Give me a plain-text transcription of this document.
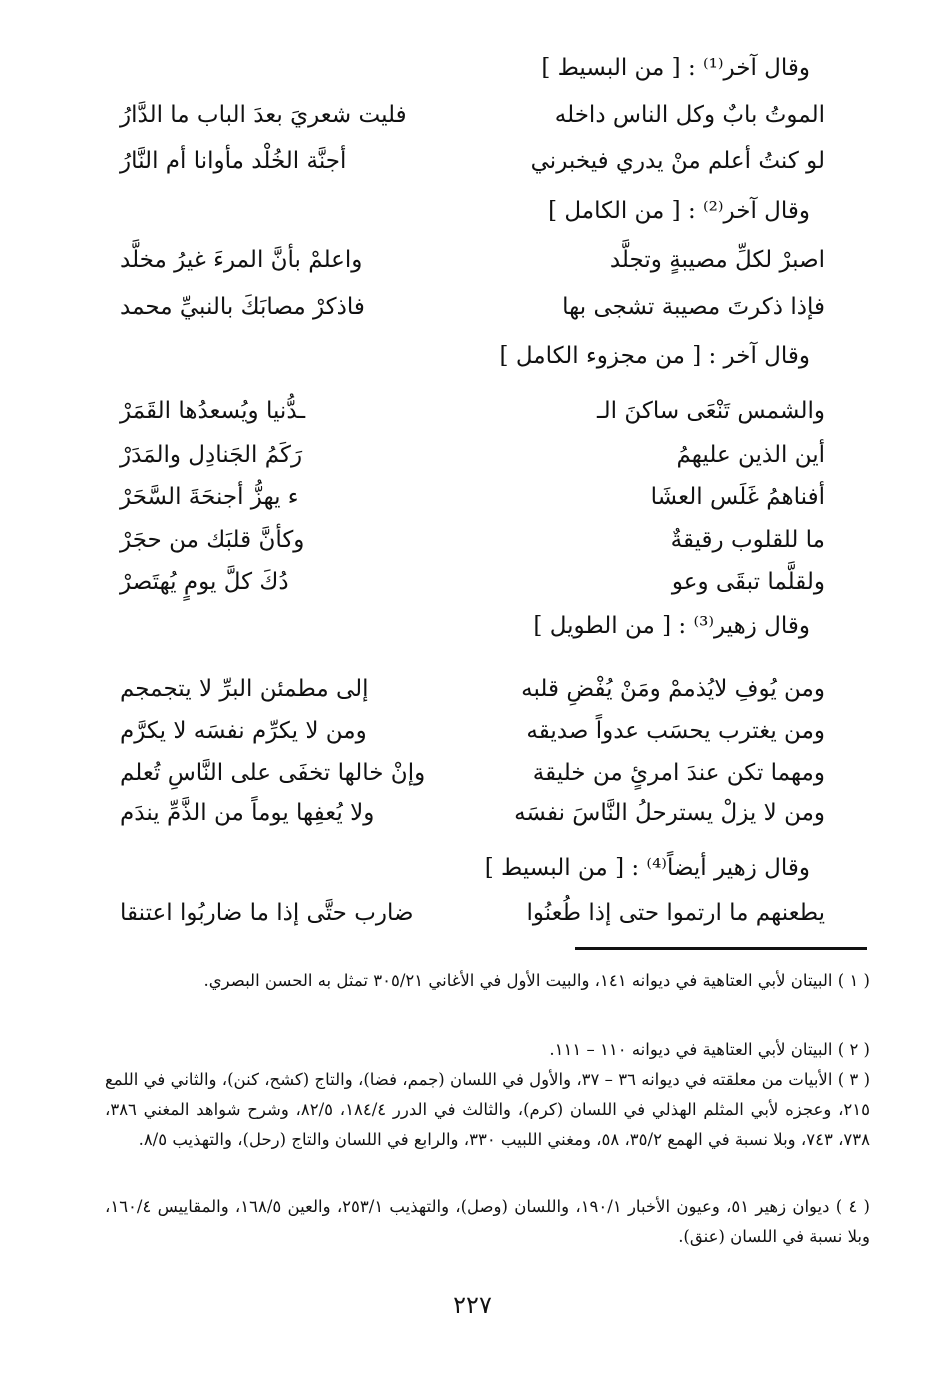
وقال آخر⁽¹⁾ : [ من البسيط ]
الموتُ بابٌ وكل الناس داخله
فليت شعريَ بعدَ الباب ما الدَّارُ
لو كنتُ أعلم منْ يدري فيخبرني
أجنَّة الخُلْد مأوانا أم النَّارُ
وقال آخر⁽²⁾ : [ من الكامل ]
اصبرْ لكلِّ مصيبةٍ وتجلَّد
واعلمْ بأنَّ المرءَ غيرُ مخلَّد
فإذا ذكرتَ مصيبة تشجى بها
فاذكرْ مصابَكَ بالنبيِّ محمد
وقال آخر : [ من مجزوء الكامل ]
والشمس تَنْعَى ساكنَ الـ
ـدُّنيا ويُسعدُها القَمَرْ
أين الذين عليهمُ
رَكَمُ الجَنادِل والمَدَرْ
أفناهمُ غَلَس العشَا
ء يهزُّ أجنحَةَ السَّحَرْ
ما للقلوب رقيقةٌ
وكأنَّ قلبَك من حجَرْ
ولقلَّما تبقَى وعو
دُكَ كلَّ يومٍ يُهتَصرْ
وقال زهير⁽³⁾ : [ من الطويل ]
ومن يُوفِ لايُذممْ ومَنْ يُفْضِ قلبه
إلى مطمئن البرِّ لا يتجمجم
ومن يغترب يحسَب عدواً صديقه
ومن لا يكرِّم نفسَه لا يكرَّم
ومهما تكن عندَ امرئٍ من خليقة
وإنْ خالها تخفَى على النَّاسِ تُعلم
ومن لا يزلْ يسترحلُ النَّاسَ نفسَه
ولا يُعفِها يوماً من الذَّمِّ يندَم
وقال زهير أيضاً⁽⁴⁾ : [ من البسيط ]
يطعنهم ما ارتموا حتى إذا طُعنُوا
ضارب حتَّى إذا ما ضاربُوا اعتنقا
( ١ ) البيتان لأبي العتاهية في ديوانه ١٤١، والبيت الأول في الأغاني ٣٠٥/٢١ تمثل به الحسن البصري.
( ٢ ) البيتان لأبي العتاهية في ديوانه ١١٠ – ١١١.
( ٣ ) الأبيات من معلقته في ديوانه ٣٦ – ٣٧، والأول في اللسان (جمم، فضا)، والتاج (كشح، كنن)، والثاني في اللمع ٢١٥، وعجزه لأبي المثلم الهذلي في اللسان (كرم)، والثالث في الدرر ١٨٤/٤، ٨٢/٥، وشرح شواهد المغني ٣٨٦، ٧٣٨، ٧٤٣، وبلا نسبة في الهمع ٣٥/٢، ٥٨، ومغني اللبيب ٣٣٠، والرابع في اللسان والتاج (رحل)، والتهذيب ٨/٥.
( ٤ ) ديوان زهير ٥١، وعيون الأخبار ١٩٠/١، واللسان (وصل)، والتهذيب ٢٥٣/١، والعين ١٦٨/٥، والمقاييس ١٦٠/٤، وبلا نسبة في اللسان (عنق).
٢٢٧
